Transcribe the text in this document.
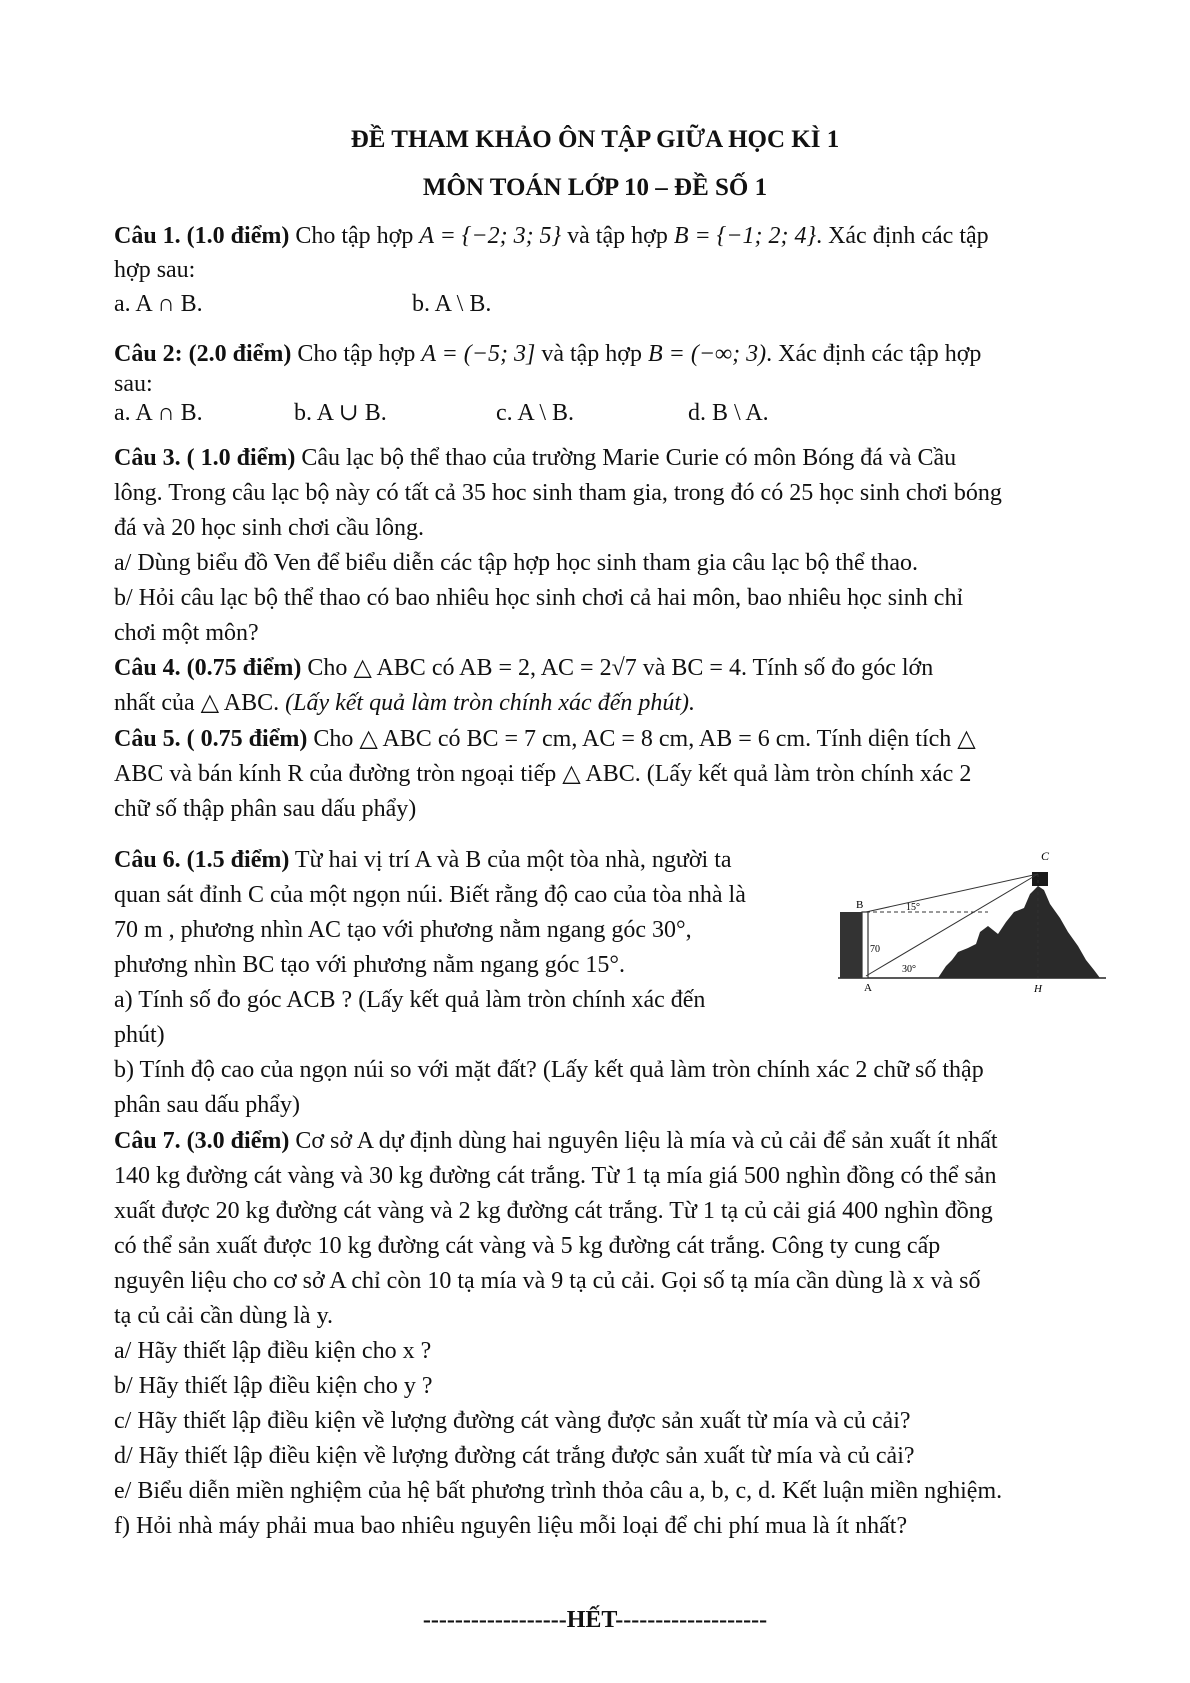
ĐỀ THAM KHẢO ÔN TẬP GIỮA HỌC KÌ 1
MÔN TOÁN LỚP 10 – ĐỀ SỐ 1
Câu 1. (1.0 điểm) Cho tập hợp A = {−2; 3; 5} và tập hợp B = {−1; 2; 4}. Xác định các tập
hợp sau:
a. A ∩ B.	b. A \ B.
Câu 2: (2.0 điểm) Cho tập hợp A = (−5; 3] và tập hợp B = (−∞; 3). Xác định các tập hợp
sau:
a. A ∩ B.	b. A ∪ B.	c. A \ B.	d. B \ A.
Câu 3. ( 1.0 điểm) Câu lạc bộ thể thao của trường Marie Curie có môn Bóng đá và Cầu
lông. Trong câu lạc bộ này có tất cả 35 hoc sinh tham gia, trong đó có 25 học sinh chơi bóng
đá và 20 học sinh chơi cầu lông.
a/ Dùng biểu đồ Ven để biểu diễn các tập hợp học sinh tham gia câu lạc bộ thể thao.
b/ Hỏi câu lạc bộ thể thao có bao nhiêu học sinh chơi cả hai môn, bao nhiêu học sinh chỉ
chơi một môn?
Câu 4. (0.75 điểm) Cho △ ABC có AB = 2, AC = 2√7 và BC = 4. Tính số đo góc lớn
nhất của △ ABC. (Lấy kết quả làm tròn chính xác đến phút).
Câu 5. ( 0.75 điểm) Cho △ ABC có BC = 7 cm, AC = 8 cm, AB = 6 cm. Tính diện tích △
ABC và bán kính R của đường tròn ngoại tiếp △ ABC. (Lấy kết quả làm tròn chính xác 2
chữ số thập phân sau dấu phẩy)
Câu 6. (1.5 điểm) Từ hai vị trí A và B của một tòa nhà, người ta
quan sát đỉnh C của một ngọn núi. Biết rằng độ cao của tòa nhà là
70 m , phương nhìn AC tạo với phương nằm ngang góc 30°,
phương nhìn BC tạo với phương nằm ngang góc 15°.
a) Tính số đo góc ACB ? (Lấy kết quả làm tròn chính xác đến
phút)
b) Tính độ cao của ngọn núi so với mặt đất? (Lấy kết quả làm tròn chính xác 2 chữ số thập
phân sau dấu phẩy)
C
B
A	H
70
15°
30°
Câu 7. (3.0 điểm) Cơ sở A dự định dùng hai nguyên liệu là mía và củ cải để sản xuất ít nhất
140 kg đường cát vàng và 30 kg đường cát trắng. Từ 1 tạ mía giá 500 nghìn đồng có thể sản
xuất được 20 kg đường cát vàng và 2 kg đường cát trắng. Từ 1 tạ củ cải giá 400 nghìn đồng
có thể sản xuất được 10 kg đường cát vàng và 5 kg đường cát trắng. Công ty cung cấp
nguyên liệu cho cơ sở A chỉ còn 10 tạ mía và 9 tạ củ cải. Gọi số tạ mía cần dùng là x và số
tạ củ cải cần dùng là y.
a/ Hãy thiết lập điều kiện cho x ?
b/ Hãy thiết lập điều kiện cho y ?
c/ Hãy thiết lập điều kiện về lượng đường cát vàng được sản xuất từ mía và củ cải?
d/ Hãy thiết lập điều kiện về lượng đường cát trắng được sản xuất từ mía và củ cải?
e/ Biểu diễn miền nghiệm của hệ bất phương trình thỏa câu a, b, c, d. Kết luận miền nghiệm.
f) Hỏi nhà máy phải mua bao nhiêu nguyên liệu mỗi loại để chi phí mua là ít nhất?
------------------HẾT-------------------
